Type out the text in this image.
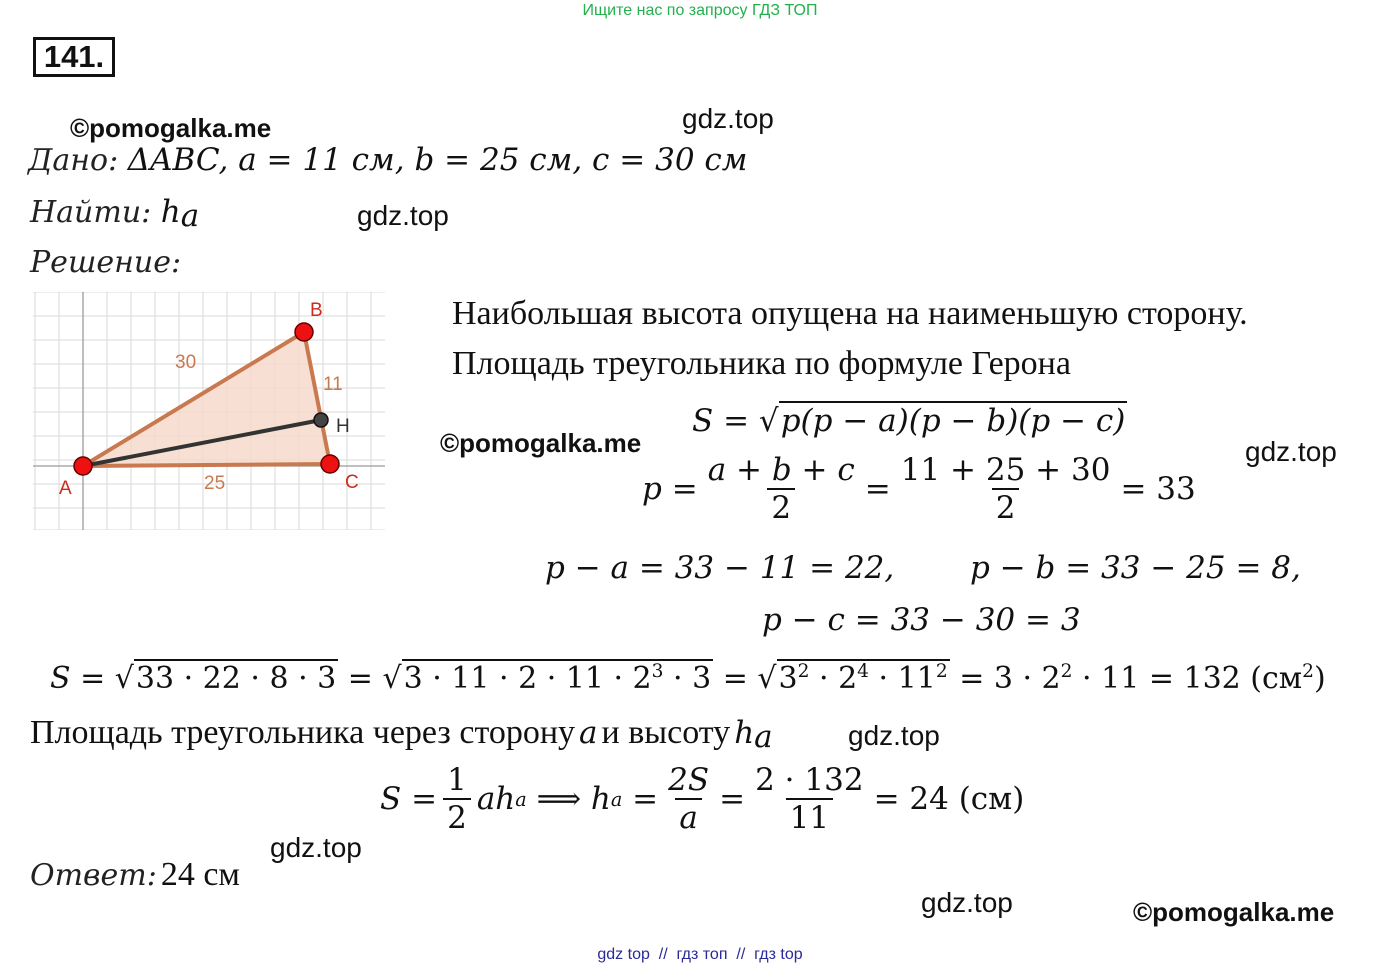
Ищите нас по запросу ГДЗ ТОП
141.
©pomogalka.me	gdz.top
gdz.top
©pomogalka.me	gdz.top
gdz.top
gdz.top
gdz.top	©pomogalka.me
Дано: ΔABC, a = 11 см, b = 25 см, c = 30 см
Найти: $h_a$
Решение:
A
B
C
H
30
11
25
Наибольшая высота опущена на наименьшую сторону.
Площадь треугольника по формуле Герона
S = √p(p − a)(p − b)(p − c)
$p = \frac{a + b + c}{2} = \frac{11 + 25 + 30}{2} = 33$
p − a = 33 − 11 = 22, p − b = 33 − 25 = 8,
p − c = 33 − 30 = 3
$S = √33 \cdot 22 \cdot 8 \cdot 3 = √3 \cdot 11 \cdot 2 \cdot 11 \cdot 2^3 \cdot 3 = √3^2 \cdot 2^4 \cdot 11^2 = 3 \cdot 2^2 \cdot 11 = 132$ $(см^2)$
Площадь треугольника через сторону a и высоту $h_a$
$S = \frac{1}{2}$ ah a ⟹ h $a = \frac{2S}{a} = \frac{2 \cdot 132}{11} = 24$ (см)
Ответ: 24 см
gdz top  //  гдз топ  //  гдз top
